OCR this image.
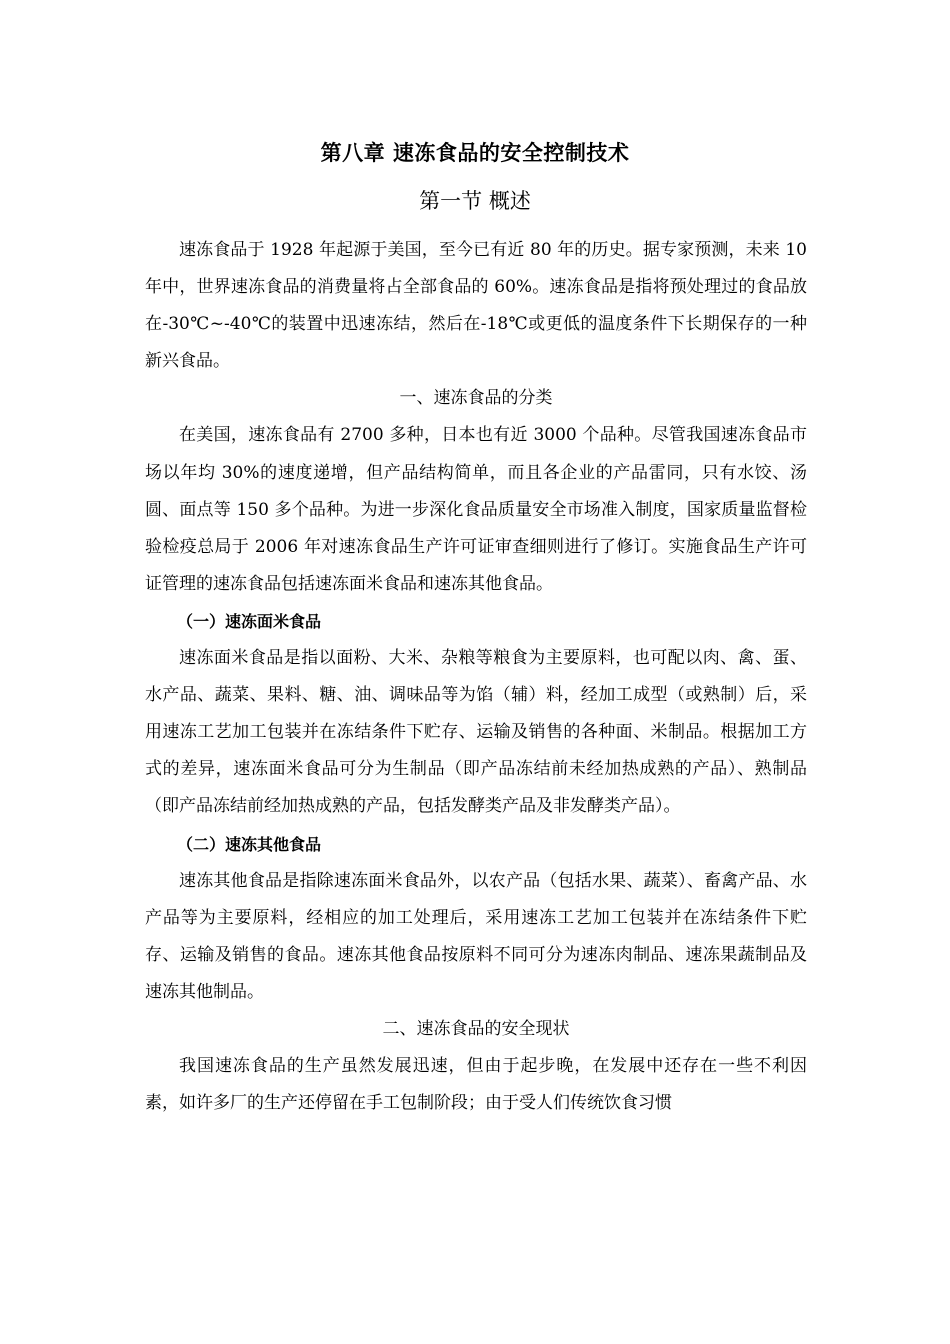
第八章 速冻食品的安全控制技术
第一节 概述

速冻食品于 1928 年起源于美国，至今已有近 80 年的历史。据专家预测，未来 10 年中，世界速冻食品的消费量将占全部食品的 60%。速冻食品是指将预处理过的食品放在-30℃~-40℃的装置中迅速冻结，然后在-18℃或更低的温度条件下长期保存的一种新兴食品。

一、速冻食品的分类

在美国，速冻食品有 2700 多种，日本也有近 3000 个品种。尽管我国速冻食品市场以年均 30%的速度递增，但产品结构简单，而且各企业的产品雷同，只有水饺、汤圆、面点等 150 多个品种。为进一步深化食品质量安全市场准入制度，国家质量监督检验检疫总局于 2006 年对速冻食品生产许可证审查细则进行了修订。实施食品生产许可证管理的速冻食品包括速冻面米食品和速冻其他食品。

（一）速冻面米食品

速冻面米食品是指以面粉、大米、杂粮等粮食为主要原料，也可配以肉、禽、蛋、水产品、蔬菜、果料、糖、油、调味品等为馅（辅）料，经加工成型（或熟制）后，采用速冻工艺加工包装并在冻结条件下贮存、运输及销售的各种面、米制品。根据加工方式的差异，速冻面米食品可分为生制品（即产品冻结前未经加热成熟的产品）、熟制品（即产品冻结前经加热成熟的产品，包括发酵类产品及非发酵类产品）。

（二）速冻其他食品

速冻其他食品是指除速冻面米食品外，以农产品（包括水果、蔬菜）、畜禽产品、水产品等为主要原料，经相应的加工处理后，采用速冻工艺加工包装并在冻结条件下贮存、运输及销售的食品。速冻其他食品按原料不同可分为速冻肉制品、速冻果蔬制品及速冻其他制品。

二、速冻食品的安全现状

我国速冻食品的生产虽然发展迅速，但由于起步晚，在发展中还存在一些不利因素，如许多厂的生产还停留在手工包制阶段；由于受人们传统饮食习惯
